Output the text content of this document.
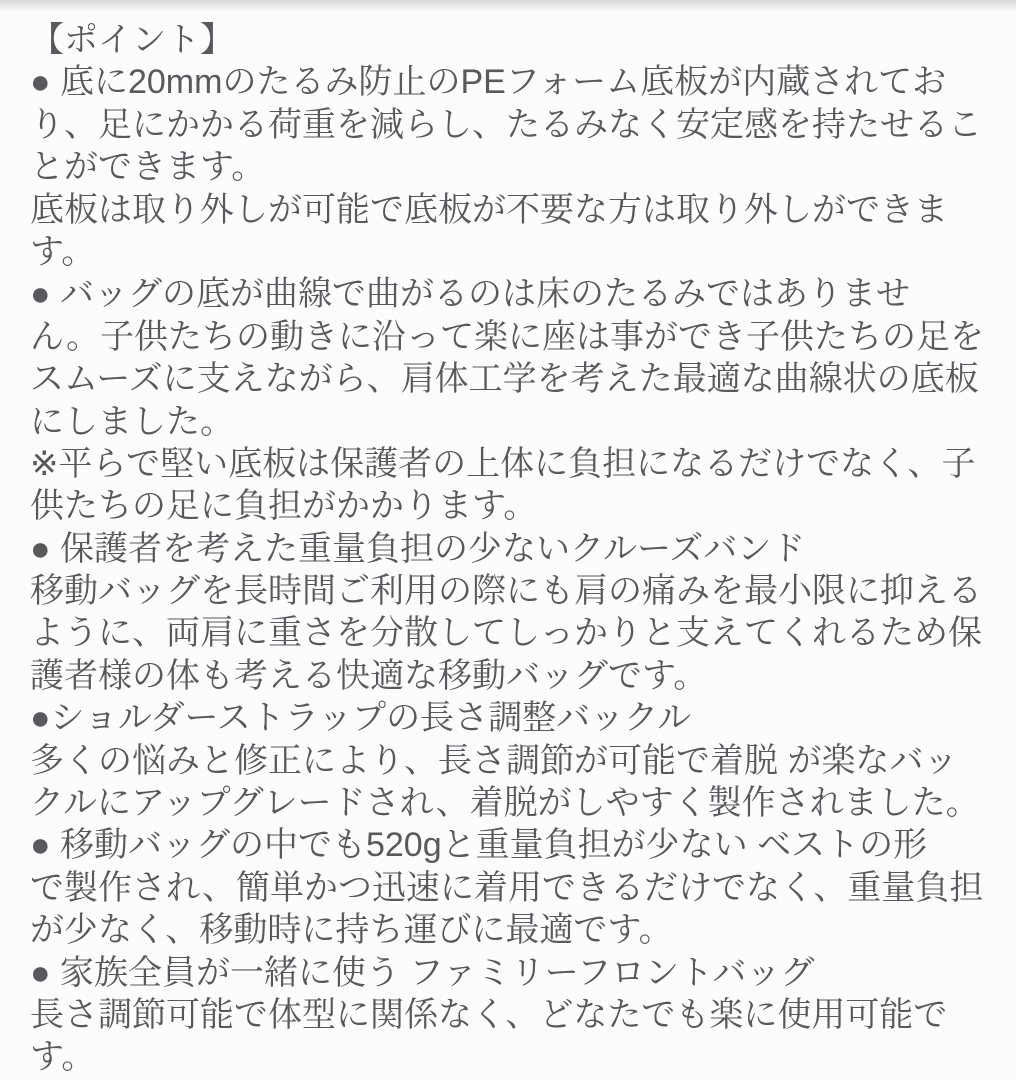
【ポイント】
● 底に20mmのたるみ防止のPEフォーム底板が内蔵されてお
り、足にかかる荷重を減らし、たるみなく安定感を持たせるこ
とができます。
底板は取り外しが可能で底板が不要な方は取り外しができま
す。
● バッグの底が曲線で曲がるのは床のたるみではありませ
ん。子供たちの動きに沿って楽に座は事ができ子供たちの足を
スムーズに支えながら、肩体工学を考えた最適な曲線状の底板
にしました。
※平らで堅い底板は保護者の上体に負担になるだけでなく、子
供たちの足に負担がかかります。
● 保護者を考えた重量負担の少ないクルーズバンド
移動バッグを長時間ご利用の際にも肩の痛みを最小限に抑える
ように、両肩に重さを分散してしっかりと支えてくれるため保
護者様の体も考える快適な移動バッグです。
●ショルダーストラップの長さ調整バックル
多くの悩みと修正により、長さ調節が可能で着脱 が楽なバッ
クルにアップグレードされ、着脱がしやすく製作されました。
● 移動バッグの中でも520gと重量負担が少ない ベストの形
で製作され、簡単かつ迅速に着用できるだけでなく、重量負担
が少なく、移動時に持ち運びに最適です。
● 家族全員が一緒に使う ファミリーフロントバッグ
長さ調節可能で体型に関係なく、どなたでも楽に使用可能で
す。
